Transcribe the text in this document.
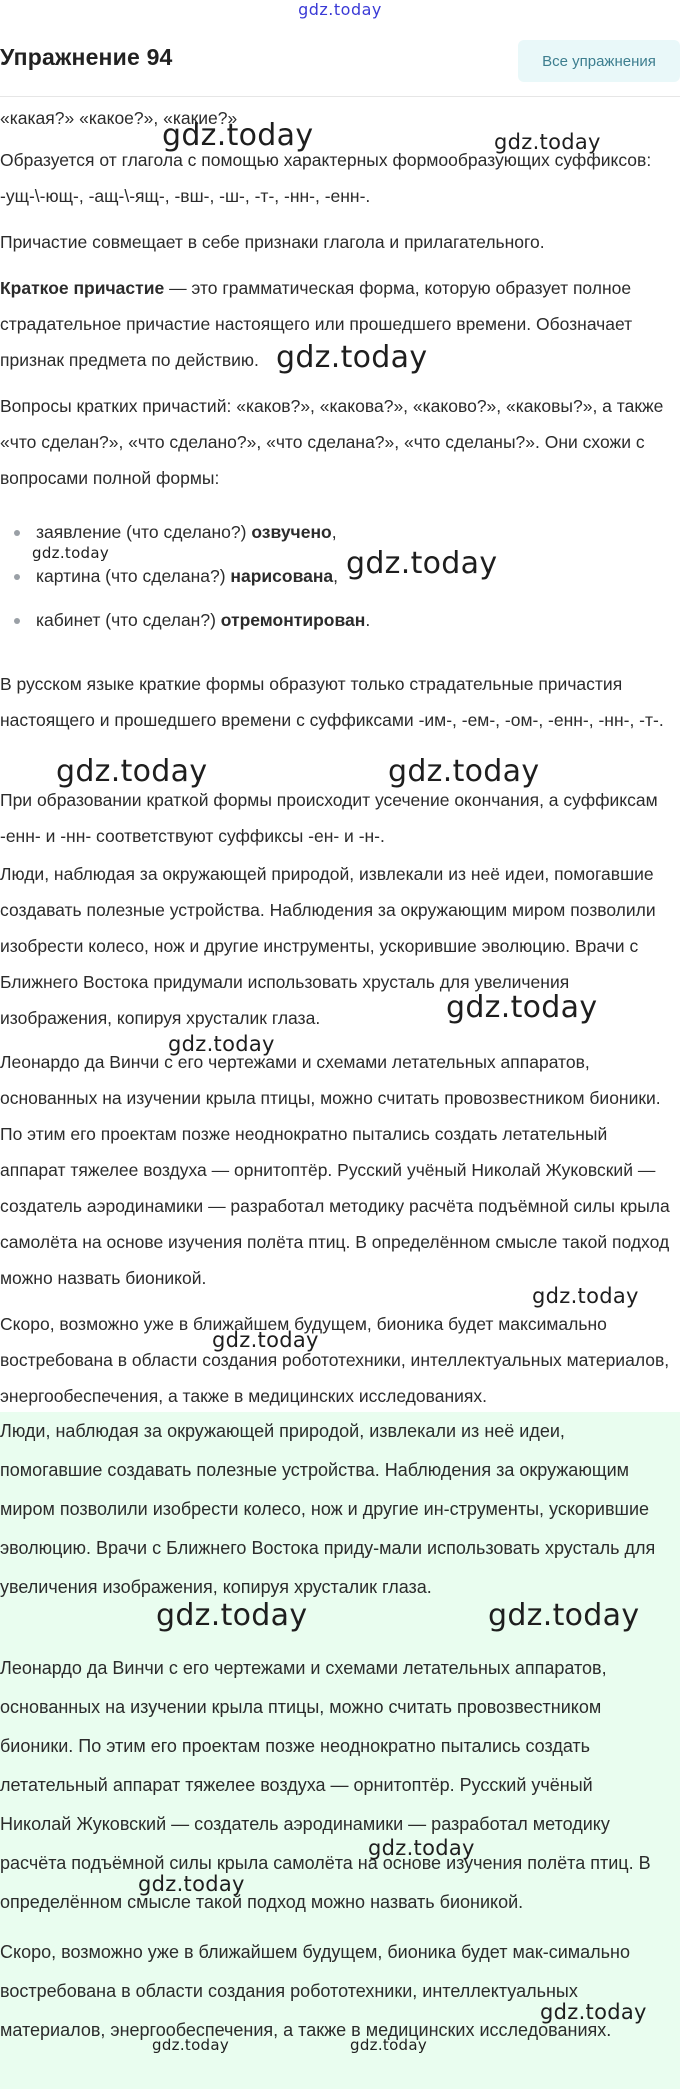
gdz.today
Упражнение 94	Все упражнения

«какая?» «какое?», «какие?»

Образуется от глагола с помощью характерных формообразующих суффиксов: -ущ-\-ющ-, -ащ-\-ящ-, -вш-, -ш-, -т-, -нн-, -енн-.

Причастие совмещает в себе признаки глагола и прилагательного.

Краткое причастие — это грамматическая форма, которую образует полное страдательное причастие настоящего или прошедшего времени. Обозначает признак предмета по действию.

Вопросы кратких причастий: «каков?», «какова?», «каково?», «каковы?», а также «что сделан?», «что сделано?», «что сделана?», «что сделаны?». Они схожи с вопросами полной формы:

заявление (что сделано?) озвучено,
картина (что сделана?) нарисована,
кабинет (что сделан?) отремонтирован.

В русском языке краткие формы образуют только страдательные причастия настоящего и прошедшего времени с суффиксами -им-, -ем-, -ом-, -енн-, -нн-, -т-.

При образовании краткой формы происходит усечение окончания, а суффиксам -енн- и -нн- соответствуют суффиксы -ен- и -н-.

Люди, наблюдая за окружающей природой, извлекали из неё идеи, помогавшие создавать полезные устройства. Наблюдения за окружающим миром позволили изобрести колесо, нож и другие инструменты, ускорившие эволюцию. Врачи с Ближнего Востока придумали использовать хрусталь для увеличения изображения, копируя хрусталик глаза.

Леонардо да Винчи с его чертежами и схемами летательных аппаратов, основанных на изучении крыла птицы, можно считать провозвестником бионики. По этим его проектам позже неоднократно пытались создать летательный аппарат тяжелее воздуха — орнитоптёр. Русский учёный Николай Жуковский — создатель аэродинамики — разработал методику расчёта подъёмной силы крыла самолёта на основе изучения полёта птиц. В определённом смысле такой подход можно назвать бионикой.

Скоро, возможно уже в ближайшем будущем, бионика будет максимально востребована в области создания робототехники, интеллектуальных материалов, энергообеспечения, а также в медицинских исследованиях.

Люди, наблюдая за окружающей природой, извлекали из неё идеи, помогавшие создавать полезные устройства. Наблюдения за окружающим миром позволили изобрести колесо, нож и другие ин-струменты, ускорившие эволюцию. Врачи с Ближнего Востока приду-мали использовать хрусталь для увеличения изображения, копируя хрусталик глаза.

Леонардо да Винчи с его чертежами и схемами летательных аппаратов, основанных на изучении крыла птицы, можно считать провозвестником бионики. По этим его проектам позже неоднократно пытались создать летательный аппарат тяжелее воздуха — орнитоптёр. Русский учёный Николай Жуковский — создатель аэродинамики — разработал методику расчёта подъёмной силы крыла самолёта на основе изучения полёта птиц. В определённом смысле такой подход можно назвать бионикой.

Скоро, возможно уже в ближайшем будущем, бионика будет мак-симально востребована в области создания робототехники, интеллектуальных материалов, энергообеспечения, а также в медицинских исследованиях.

gdz.today	gdz.today
gdz.today
gdz.today	gdz.today
gdz.today	gdz.today
gdz.today
gdz.today
gdz.today
gdz.today
gdz.today	gdz.today
gdz.today
gdz.today
gdz.today
gdz.today	gdz.today
